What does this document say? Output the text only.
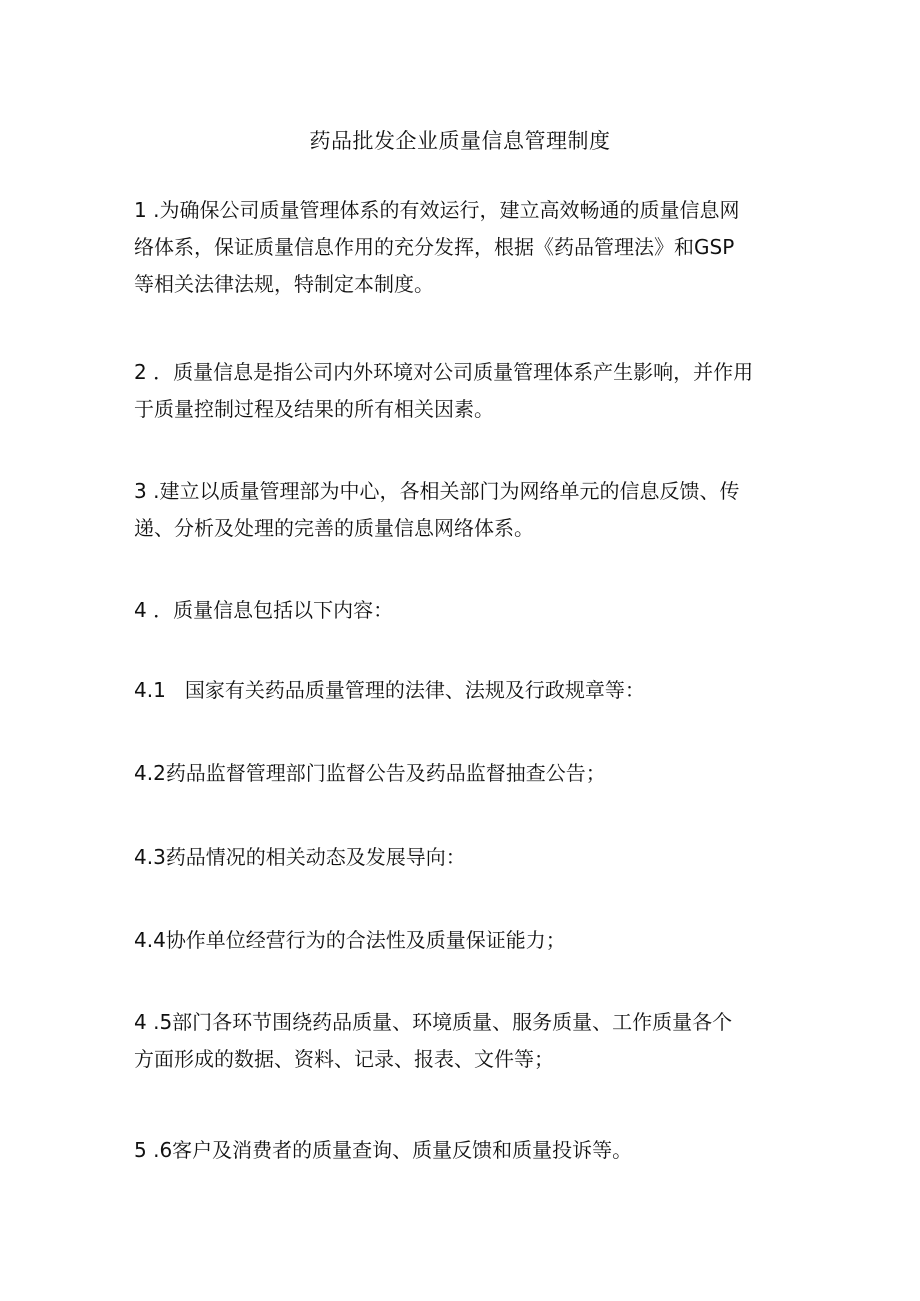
药品批发企业质量信息管理制度

1 .为确保公司质量管理体系的有效运行，建立高效畅通的质量信息网
络体系，保证质量信息作用的充分发挥，根据《药品管理法》和GSP
等相关法律法规，特制定本制度。

2 ．质量信息是指公司内外环境对公司质量管理体系产生影响，并作用
于质量控制过程及结果的所有相关因素。

3 .建立以质量管理部为中心，各相关部门为网络单元的信息反馈、传
递、分析及处理的完善的质量信息网络体系。

4 ．质量信息包括以下内容：

4.1   国家有关药品质量管理的法律、法规及行政规章等：

4.2药品监督管理部门监督公告及药品监督抽查公告；

4.3药品情况的相关动态及发展导向：

4.4协作单位经营行为的合法性及质量保证能力；

4 .5部门各环节围绕药品质量、环境质量、服务质量、工作质量各个
方面形成的数据、资料、记录、报表、文件等；

5 .6客户及消费者的质量查询、质量反馈和质量投诉等。
